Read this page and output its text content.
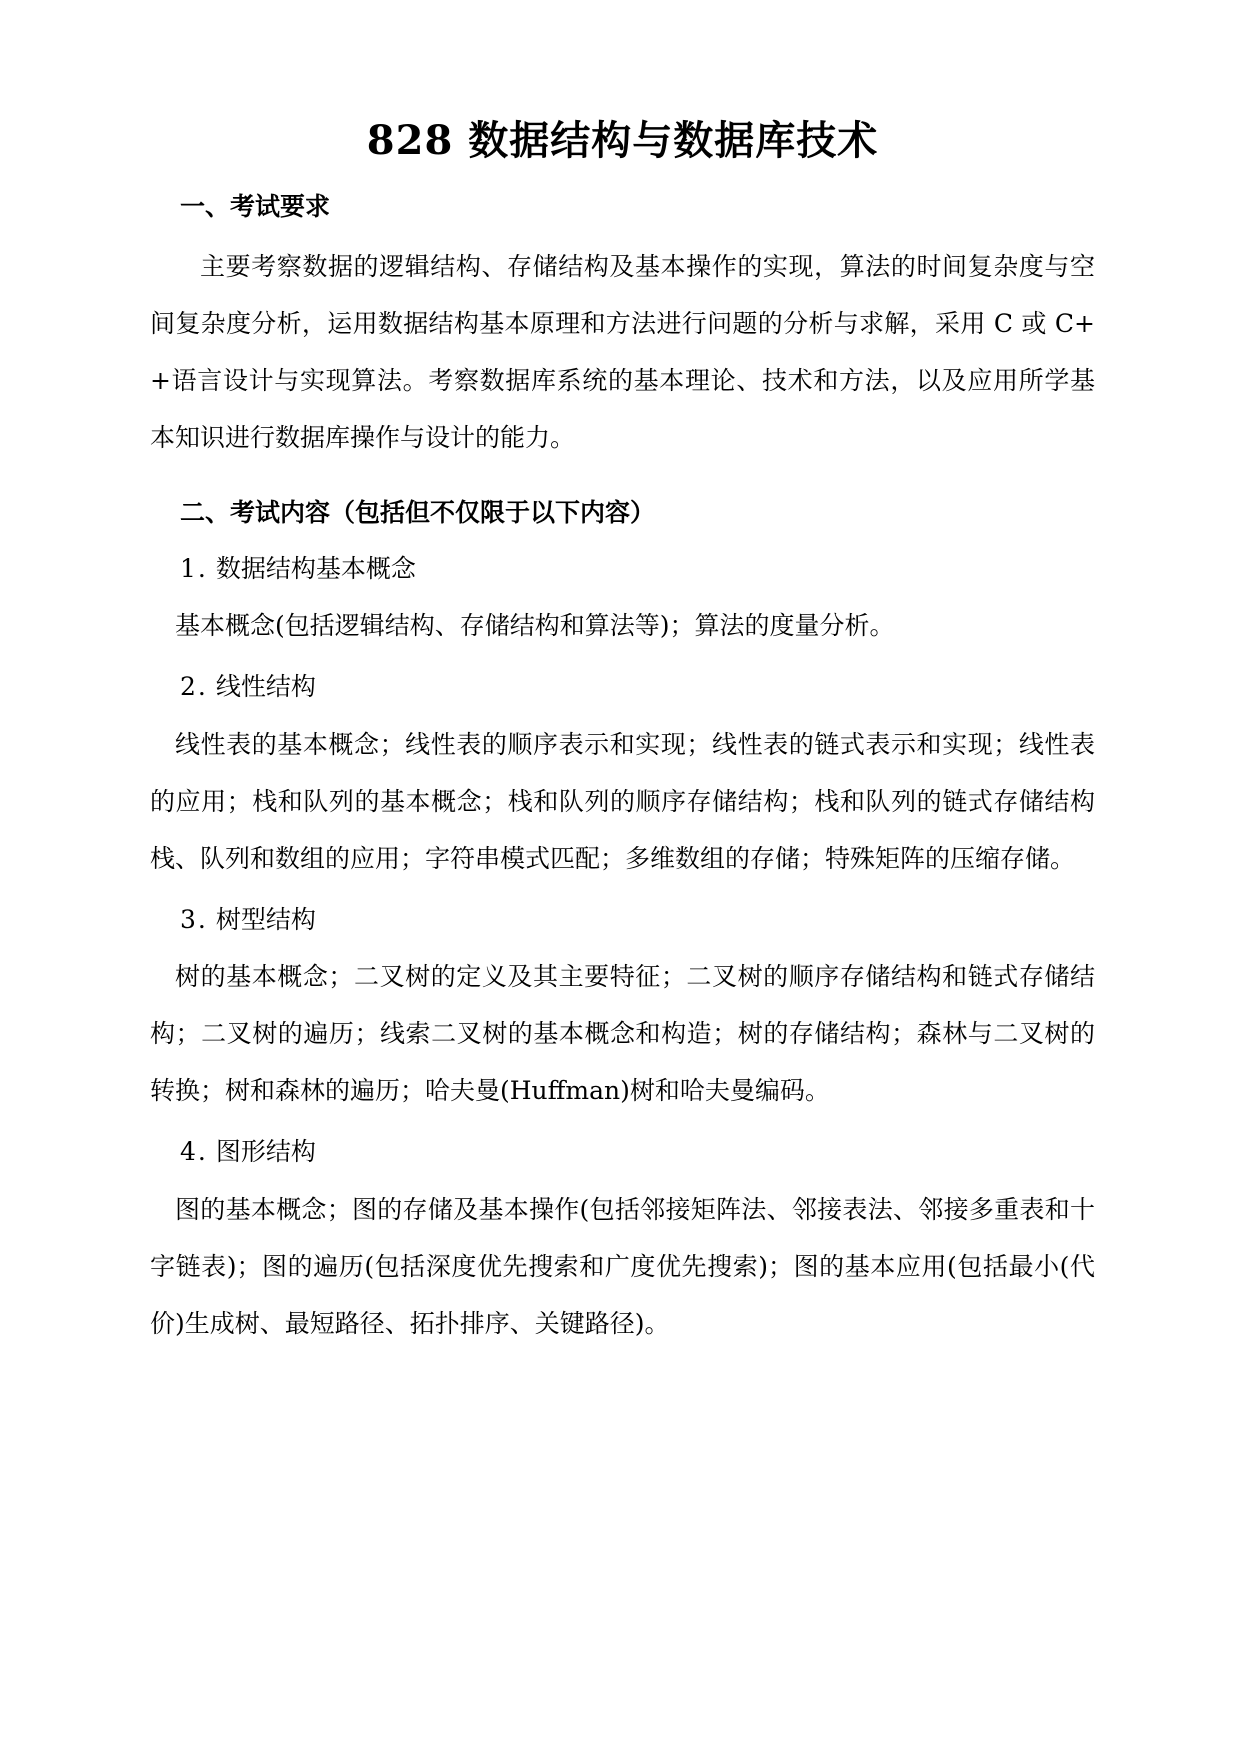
828 数据结构与数据库技术
一、考试要求

主要考察数据的逻辑结构、存储结构及基本操作的实现，算法的时间复杂度与空间复杂度分析，运用数据结构基本原理和方法进行问题的分析与求解，采用 C 或 C++语言设计与实现算法。考察数据库系统的基本理论、技术和方法，以及应用所学基本知识进行数据库操作与设计的能力。

二、考试内容（包括但不仅限于以下内容）
1. 数据结构基本概念

基本概念(包括逻辑结构、存储结构和算法等)；算法的度量分析。

2. 线性结构

线性表的基本概念；线性表的顺序表示和实现；线性表的链式表示和实现；线性表的应用；栈和队列的基本概念；栈和队列的顺序存储结构；栈和队列的链式存储结构栈、队列和数组的应用；字符串模式匹配；多维数组的存储；特殊矩阵的压缩存储。

3. 树型结构

树的基本概念；二叉树的定义及其主要特征；二叉树的顺序存储结构和链式存储结构；二叉树的遍历；线索二叉树的基本概念和构造；树的存储结构；森林与二叉树的转换；树和森林的遍历；哈夫曼(Huffman)树和哈夫曼编码。

4. 图形结构

图的基本概念；图的存储及基本操作(包括邻接矩阵法、邻接表法、邻接多重表和十字链表)；图的遍历(包括深度优先搜索和广度优先搜索)；图的基本应用(包括最小(代价)生成树、最短路径、拓扑排序、关键路径)。
